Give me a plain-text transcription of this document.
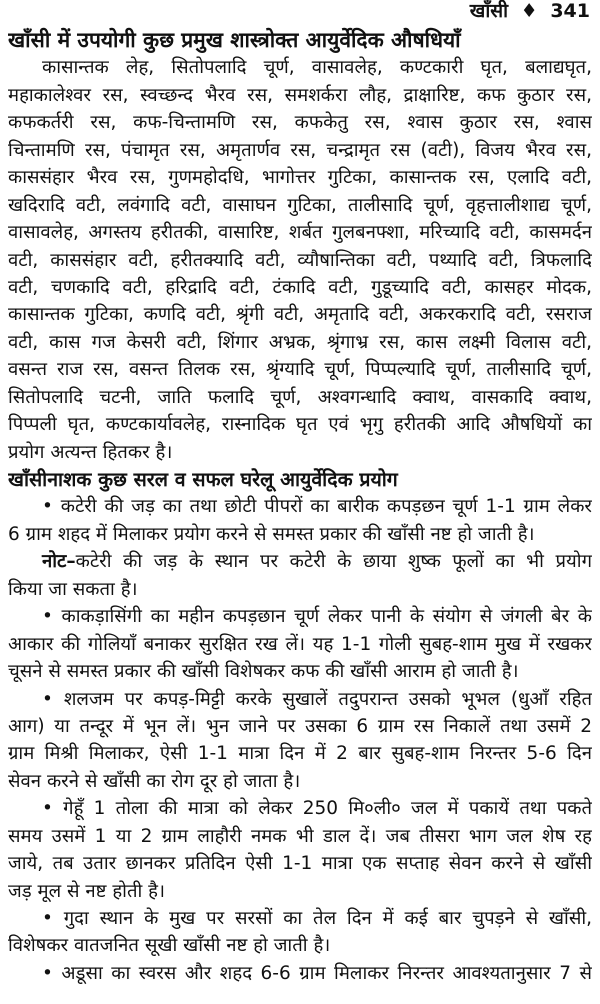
खाँसी ♦ 341
खाँसी में उपयोगी कुछ प्रमुख शास्त्रोक्त आयुर्वेदिक औषधियाँ
कासान्तक लेह, सितोपलादि चूर्ण, वासावलेह, कण्टकारी घृत, बलाद्यघृत,
महाकालेश्वर रस, स्वच्छन्द भैरव रस, समशर्करा लौह, द्राक्षारिष्ट, कफ कुठार रस,
कफकर्तरी रस, कफ-चिन्तामणि रस, कफकेतु रस, श्वास कुठार रस, श्वास
चिन्तामणि रस, पंचामृत रस, अमृतार्णव रस, चन्द्रामृत रस (वटी), विजय भैरव रस,
काससंहार भैरव रस, गुणमहोदधि, भागोत्तर गुटिका, कासान्तक रस, एलादि वटी,
खदिरादि वटी, लवंगादि वटी, वासाघन गुटिका, तालीसादि चूर्ण, वृहत्तालीशाद्य चूर्ण,
वासावलेह, अगस्तय हरीतकी, वासारिष्ट, शर्बत गुलबनफ्शा, मरिच्यादि वटी, कासमर्दन
वटी, काससंहार वटी, हरीतक्यादि वटी, व्यौषान्तिका वटी, पथ्यादि वटी, त्रिफलादि
वटी, चणकादि वटी, हरिद्रादि वटी, टंकादि वटी, गुडूच्यादि वटी, कासहर मोदक,
कासान्तक गुटिका, कणदि वटी, श्रृंगी वटी, अमृतादि वटी, अकरकरादि वटी, रसराज
वटी, कास गज केसरी वटी, शिंगार अभ्रक, श्रृंगाभ्र रस, कास लक्ष्मी विलास वटी,
वसन्त राज रस, वसन्त तिलक रस, श्रृंग्यादि चूर्ण, पिप्पल्यादि चूर्ण, तालीसादि चूर्ण,
सितोपलादि चटनी, जाति फलादि चूर्ण, अश्वगन्धादि क्वाथ, वासकादि क्वाथ,
पिप्पली घृत, कण्टकार्यावलेह, रास्नादिक घृत एवं भृगु हरीतकी आदि औषधियों का
प्रयोग अत्यन्त हितकर है।
खाँसीनाशक कुछ सरल व सफल घरेलू आयुर्वेदिक प्रयोग
• कटेरी की जड़ का तथा छोटी पीपरों का बारीक कपड़छन चूर्ण 1-1 ग्राम लेकर
6 ग्राम शहद में मिलाकर प्रयोग करने से समस्त प्रकार की खाँसी नष्ट हो जाती है।
नोट–कटेरी की जड़ के स्थान पर कटेरी के छाया शुष्क फूलों का भी प्रयोग
किया जा सकता है।
• काकड़ासिंगी का महीन कपड़छान चूर्ण लेकर पानी के संयोग से जंगली बेर के
आकार की गोलियाँ बनाकर सुरक्षित रख लें। यह 1-1 गोली सुबह-शाम मुख में रखकर
चूसने से समस्त प्रकार की खाँसी विशेषकर कफ की खाँसी आराम हो जाती है।
• शलजम पर कपड़-मिट्टी करके सुखालें तदुपरान्त उसको भूभल (धुआँ रहित
आग) या तन्दूर में भून लें। भुन जाने पर उसका 6 ग्राम रस निकालें तथा उसमें 2
ग्राम मिश्री मिलाकर, ऐसी 1-1 मात्रा दिन में 2 बार सुबह-शाम निरन्तर 5-6 दिन
सेवन करने से खाँसी का रोग दूर हो जाता है।
• गेहूँ 1 तोला की मात्रा को लेकर 250 मि०ली० जल में पकायें तथा पकते
समय उसमें 1 या 2 ग्राम लाहौरी नमक भी डाल दें। जब तीसरा भाग जल शेष रह
जाये, तब उतार छानकर प्रतिदिन ऐसी 1-1 मात्रा एक सप्ताह सेवन करने से खाँसी
जड़ मूल से नष्ट होती है।
• गुदा स्थान के मुख पर सरसों का तेल दिन में कई बार चुपड़ने से खाँसी,
विशेषकर वातजनित सूखी खाँसी नष्ट हो जाती है।
• अडूसा का स्वरस और शहद 6-6 ग्राम मिलाकर निरन्तर आवश्यतानुसार 7 से
